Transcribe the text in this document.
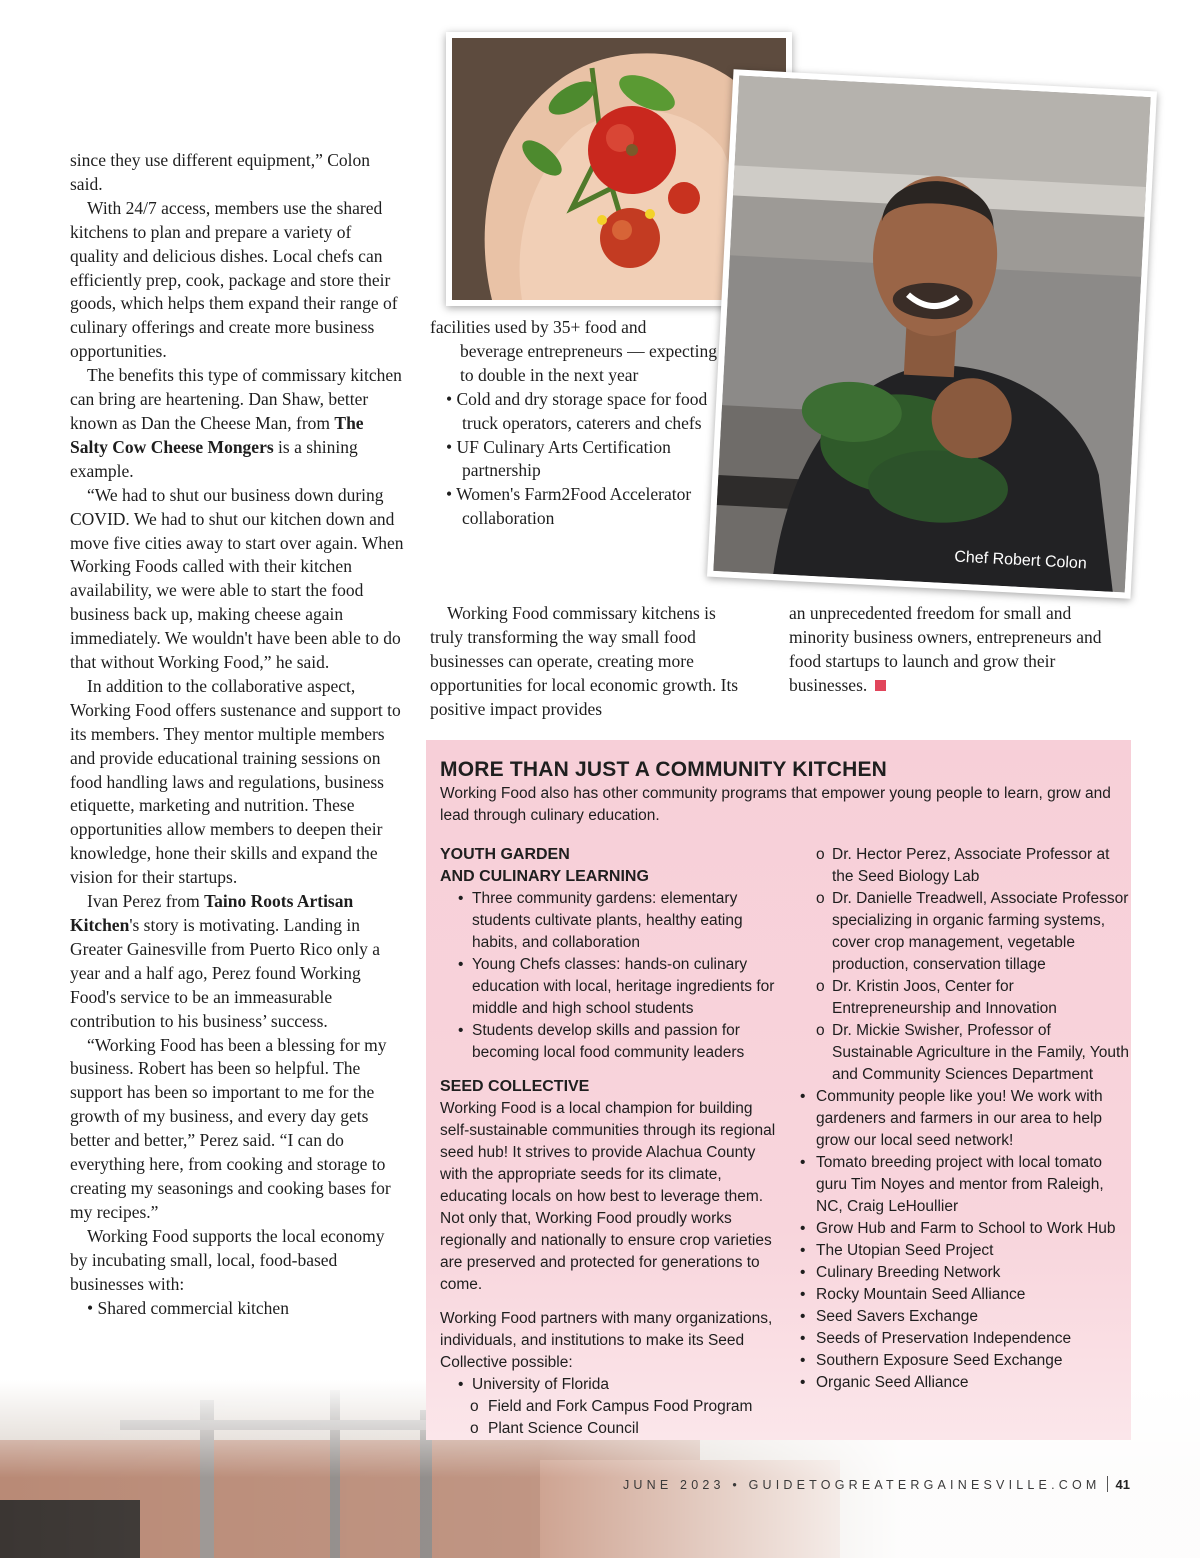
since they use different equipment,” Colon said.

With 24/7 access, members use the shared kitchens to plan and prepare a variety of quality and delicious dishes. Local chefs can efficiently prep, cook, package and store their goods, which helps them expand their range of culinary offerings and create more business opportunities.

The benefits this type of commissary kitchen can bring are heartening. Dan Shaw, better known as Dan the Cheese Man, from The Salty Cow Cheese Mongers is a shining example.

“We had to shut our business down during COVID. We had to shut our kitchen down and move five cities away to start over again. When Working Foods called with their kitchen availability, we were able to start the food business back up, making cheese again immediately. We wouldn't have been able to do that without Working Food,” he said.

In addition to the collaborative aspect, Working Food offers sustenance and support to its members. They mentor multiple members and provide educational training sessions on food handling laws and regulations, business etiquette, marketing and nutrition. These opportunities allow members to deepen their knowledge, hone their skills and expand the vision for their startups.

Ivan Perez from Taino Roots Artisan Kitchen's story is motivating. Landing in Greater Gainesville from Puerto Rico only a year and a half ago, Perez found Working Food's service to be an immeasurable contribution to his business’ success.

“Working Food has been a blessing for my business. Robert has been so helpful. The support has been so important to me for the growth of my business, and every day gets better and better,” Perez said. “I can do everything here, from cooking and storage to creating my seasonings and cooking bases for my recipes.”

Working Food supports the local economy by incubating small, local, food-based businesses with:

• Shared commercial kitchen

Chef Robert Colon

facilities used by 35+ food and

beverage entrepreneurs — expecting to double in the next year

• Cold and dry storage space for food truck operators, caterers and chefs

• UF Culinary Arts Certification partnership

• Women's Farm2Food Accelerator collaboration

Working Food commissary kitchens is truly transforming the way small food businesses can operate, creating more opportunities for local economic growth. Its positive impact provides

an unprecedented freedom for small and minority business owners, entrepreneurs and food startups to launch and grow their businesses.

MORE THAN JUST A COMMUNITY KITCHEN

Working Food also has other community programs that empower young people to learn, grow and lead through culinary education.

YOUTH GARDEN
AND CULINARY LEARNING

• Three community gardens: elementary students cultivate plants, healthy eating habits, and collaboration

• Young Chefs classes: hands-on culinary education with local, heritage ingredients for middle and high school students

• Students develop skills and passion for becoming local food community leaders

SEED COLLECTIVE

Working Food is a local champion for building self-sustainable communities through its regional seed hub! It strives to provide Alachua County with the appropriate seeds for its climate, educating locals on how best to leverage them. Not only that, Working Food proudly works regionally and nationally to ensure crop varieties are preserved and protected for generations to come.

Working Food partners with many organizations, individuals, and institutions to make its Seed Collective possible:

• University of Florida

o Field and Fork Campus Food Program

o Plant Science Council

o Dr. Hector Perez, Associate Professor at the Seed Biology Lab

o Dr. Danielle Treadwell, Associate Professor specializing in organic farming systems, cover crop management, vegetable production, conservation tillage

o Dr. Kristin Joos, Center for Entrepreneurship and Innovation

o Dr. Mickie Swisher, Professor of Sustainable Agriculture in the Family, Youth and Community Sciences Department

• Community people like you! We work with gardeners and farmers in our area to help grow our local seed network!

• Tomato breeding project with local tomato guru Tim Noyes and mentor from Raleigh, NC, Craig LeHoullier

• Grow Hub and Farm to School to Work Hub

• The Utopian Seed Project

• Culinary Breeding Network

• Rocky Mountain Seed Alliance

• Seed Savers Exchange

• Seeds of Preservation Independence

• Southern Exposure Seed Exchange

• Organic Seed Alliance

JUNE 2023 • GUIDETOGREATERGAINESVILLE.COM 41
